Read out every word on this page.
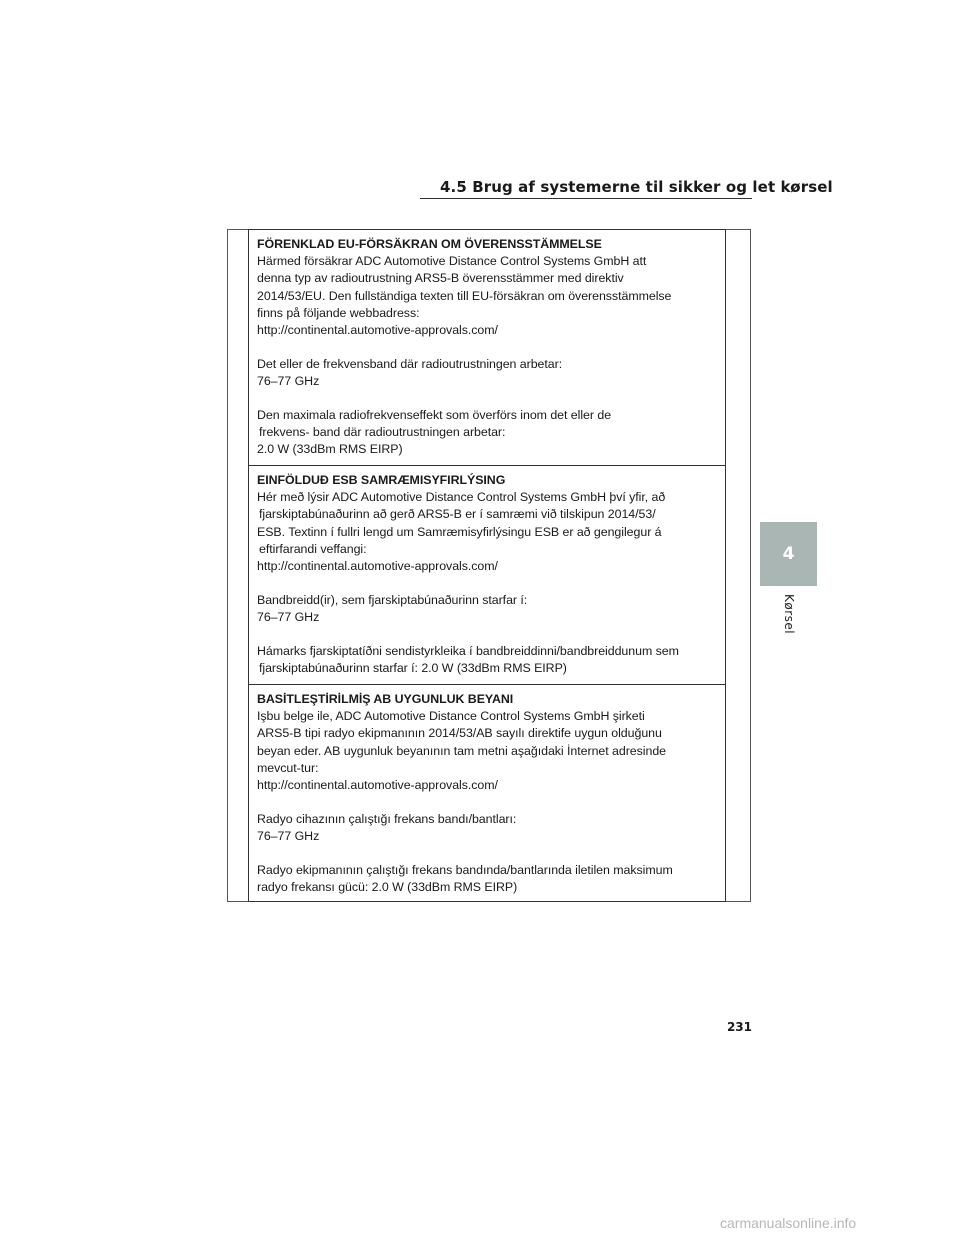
4.5 Brug af systemerne til sikker og let kørsel
4
Kørsel
FÖRENKLAD EU-FÖRSÄKRAN OM ÖVERENSSTÄMMELSE
Härmed försäkrar ADC Automotive Distance Control Systems GmbH att
denna typ av radioutrustning ARS5-B överensstämmer med direktiv
2014/53/EU. Den fullständiga texten till EU-försäkran om överensstämmelse
finns på följande webbadress:
http://continental.automotive-approvals.com/
Det eller de frekvensband där radioutrustningen arbetar:
76–77 GHz
Den maximala radiofrekvenseffekt som överförs inom det eller de
frekvens- band där radioutrustningen arbetar:
2.0 W (33dBm RMS EIRP)
EINFÖLDUÐ ESB SAMRÆMISYFIRLÝSING
Hér með lýsir ADC Automotive Distance Control Systems GmbH því yfir, að
fjarskiptabúnaðurinn að gerð ARS5-B er í samræmi við tilskipun 2014/53/
ESB. Textinn í fullri lengd um Samræmisyfirlýsingu ESB er að gengilegur á
eftirfarandi veffangi:
http://continental.automotive-approvals.com/
Bandbreidd(ir), sem fjarskiptabúnaðurinn starfar í:
76–77 GHz
Hámarks fjarskiptatíðni sendistyrkleika í bandbreiddinni/bandbreiddunum sem
fjarskiptabúnaðurinn starfar í: 2.0 W (33dBm RMS EIRP)
BASİTLEŞTİRİLMİŞ AB UYGUNLUK BEYANI
Işbu belge ile, ADC Automotive Distance Control Systems GmbH şirketi
ARS5-B tipi radyo ekipmanının 2014/53/AB sayılı direktife uygun olduğunu
beyan eder. AB uygunluk beyanının tam metni aşağıdaki İnternet adresinde
mevcut-tur:
http://continental.automotive-approvals.com/
Radyo cihazının çalıştığı frekans bandı/bantları:
76–77 GHz
Radyo ekipmanının çalıştığı frekans bandında/bantlarında iletilen maksimum
radyo frekansı gücü: 2.0 W (33dBm RMS EIRP)
231
carmanualsonline.info
